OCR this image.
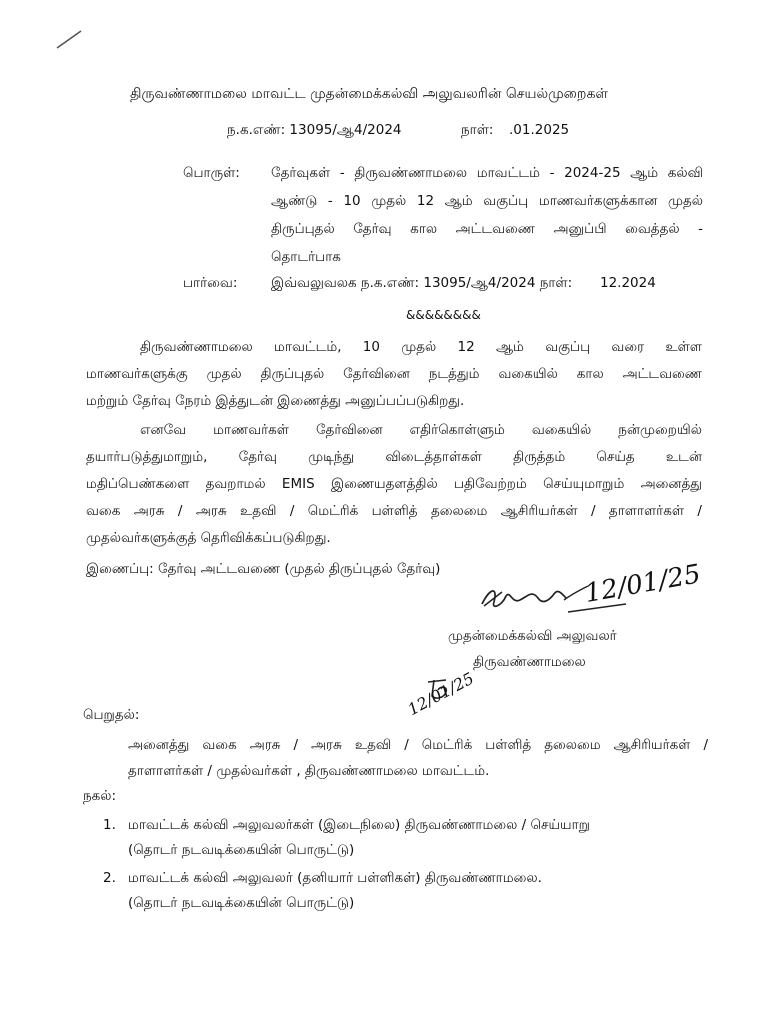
திருவண்ணாமலை மாவட்ட முதன்மைக்கல்வி அலுவலரின் செயல்முறைகள்
ந.க.எண்: 13095/ஆ4/2024	நாள்: .01.2025
பொருள்: தேர்வுகள் - திருவண்ணாமலை மாவட்டம் - 2024-25 ஆம் கல்வி
ஆண்டு - 10 முதல் 12 ஆம் வகுப்பு மாணவர்களுக்கான முதல்
திருப்புதல் தேர்வு கால அட்டவணை அனுப்பி வைத்தல் -
தொடர்பாக
பார்வை: இவ்வலுவலக ந.க.எண்: 13095/ஆ4/2024 நாள்: 12.2024
&&&&&&&&
திருவண்ணாமலை மாவட்டம், 10 முதல் 12 ஆம் வகுப்பு வரை உள்ள
மாணவர்களுக்கு முதல் திருப்புதல் தேர்வினை நடத்தும் வகையில் கால அட்டவணை
மற்றும் தேர்வு நேரம் இத்துடன் இணைத்து அனுப்பப்படுகிறது.
எனவே மாணவர்கள் தேர்வினை எதிர்கொள்ளும் வகையில் நன்முறையில்
தயார்படுத்துமாறும், தேர்வு முடிந்து விடைத்தாள்கள் திருத்தம் செய்த உடன்
மதிப்பெண்களை தவறாமல் EMIS இணையதளத்தில் பதிவேற்றம் செய்யுமாறும் அனைத்து
வகை அரசு / அரசு உதவி / மெட்ரிக் பள்ளித் தலைமை ஆசிரியர்கள் / தாளாளர்கள் /
முதல்வர்களுக்குத் தெரிவிக்கப்படுகிறது.
இணைப்பு: தேர்வு அட்டவணை (முதல் திருப்புதல் தேர்வு)	12/01/25
முதன்மைக்கல்வி அலுவலர்
திருவண்ணாமலை
12/01/25
பெறுதல்:
அனைத்து வகை அரசு / அரசு உதவி / மெட்ரிக் பள்ளித் தலைமை ஆசிரியர்கள் /
தாளாளர்கள் / முதல்வர்கள் , திருவண்ணாமலை மாவட்டம்.
நகல்:
1. மாவட்டக் கல்வி அலுவலர்கள் (இடைநிலை) திருவண்ணாமலை / செய்யாறு
(தொடர் நடவடிக்கையின் பொருட்டு)
2. மாவட்டக் கல்வி அலுவலர் (தனியார் பள்ளிகள்) திருவண்ணாமலை.
(தொடர் நடவடிக்கையின் பொருட்டு)
